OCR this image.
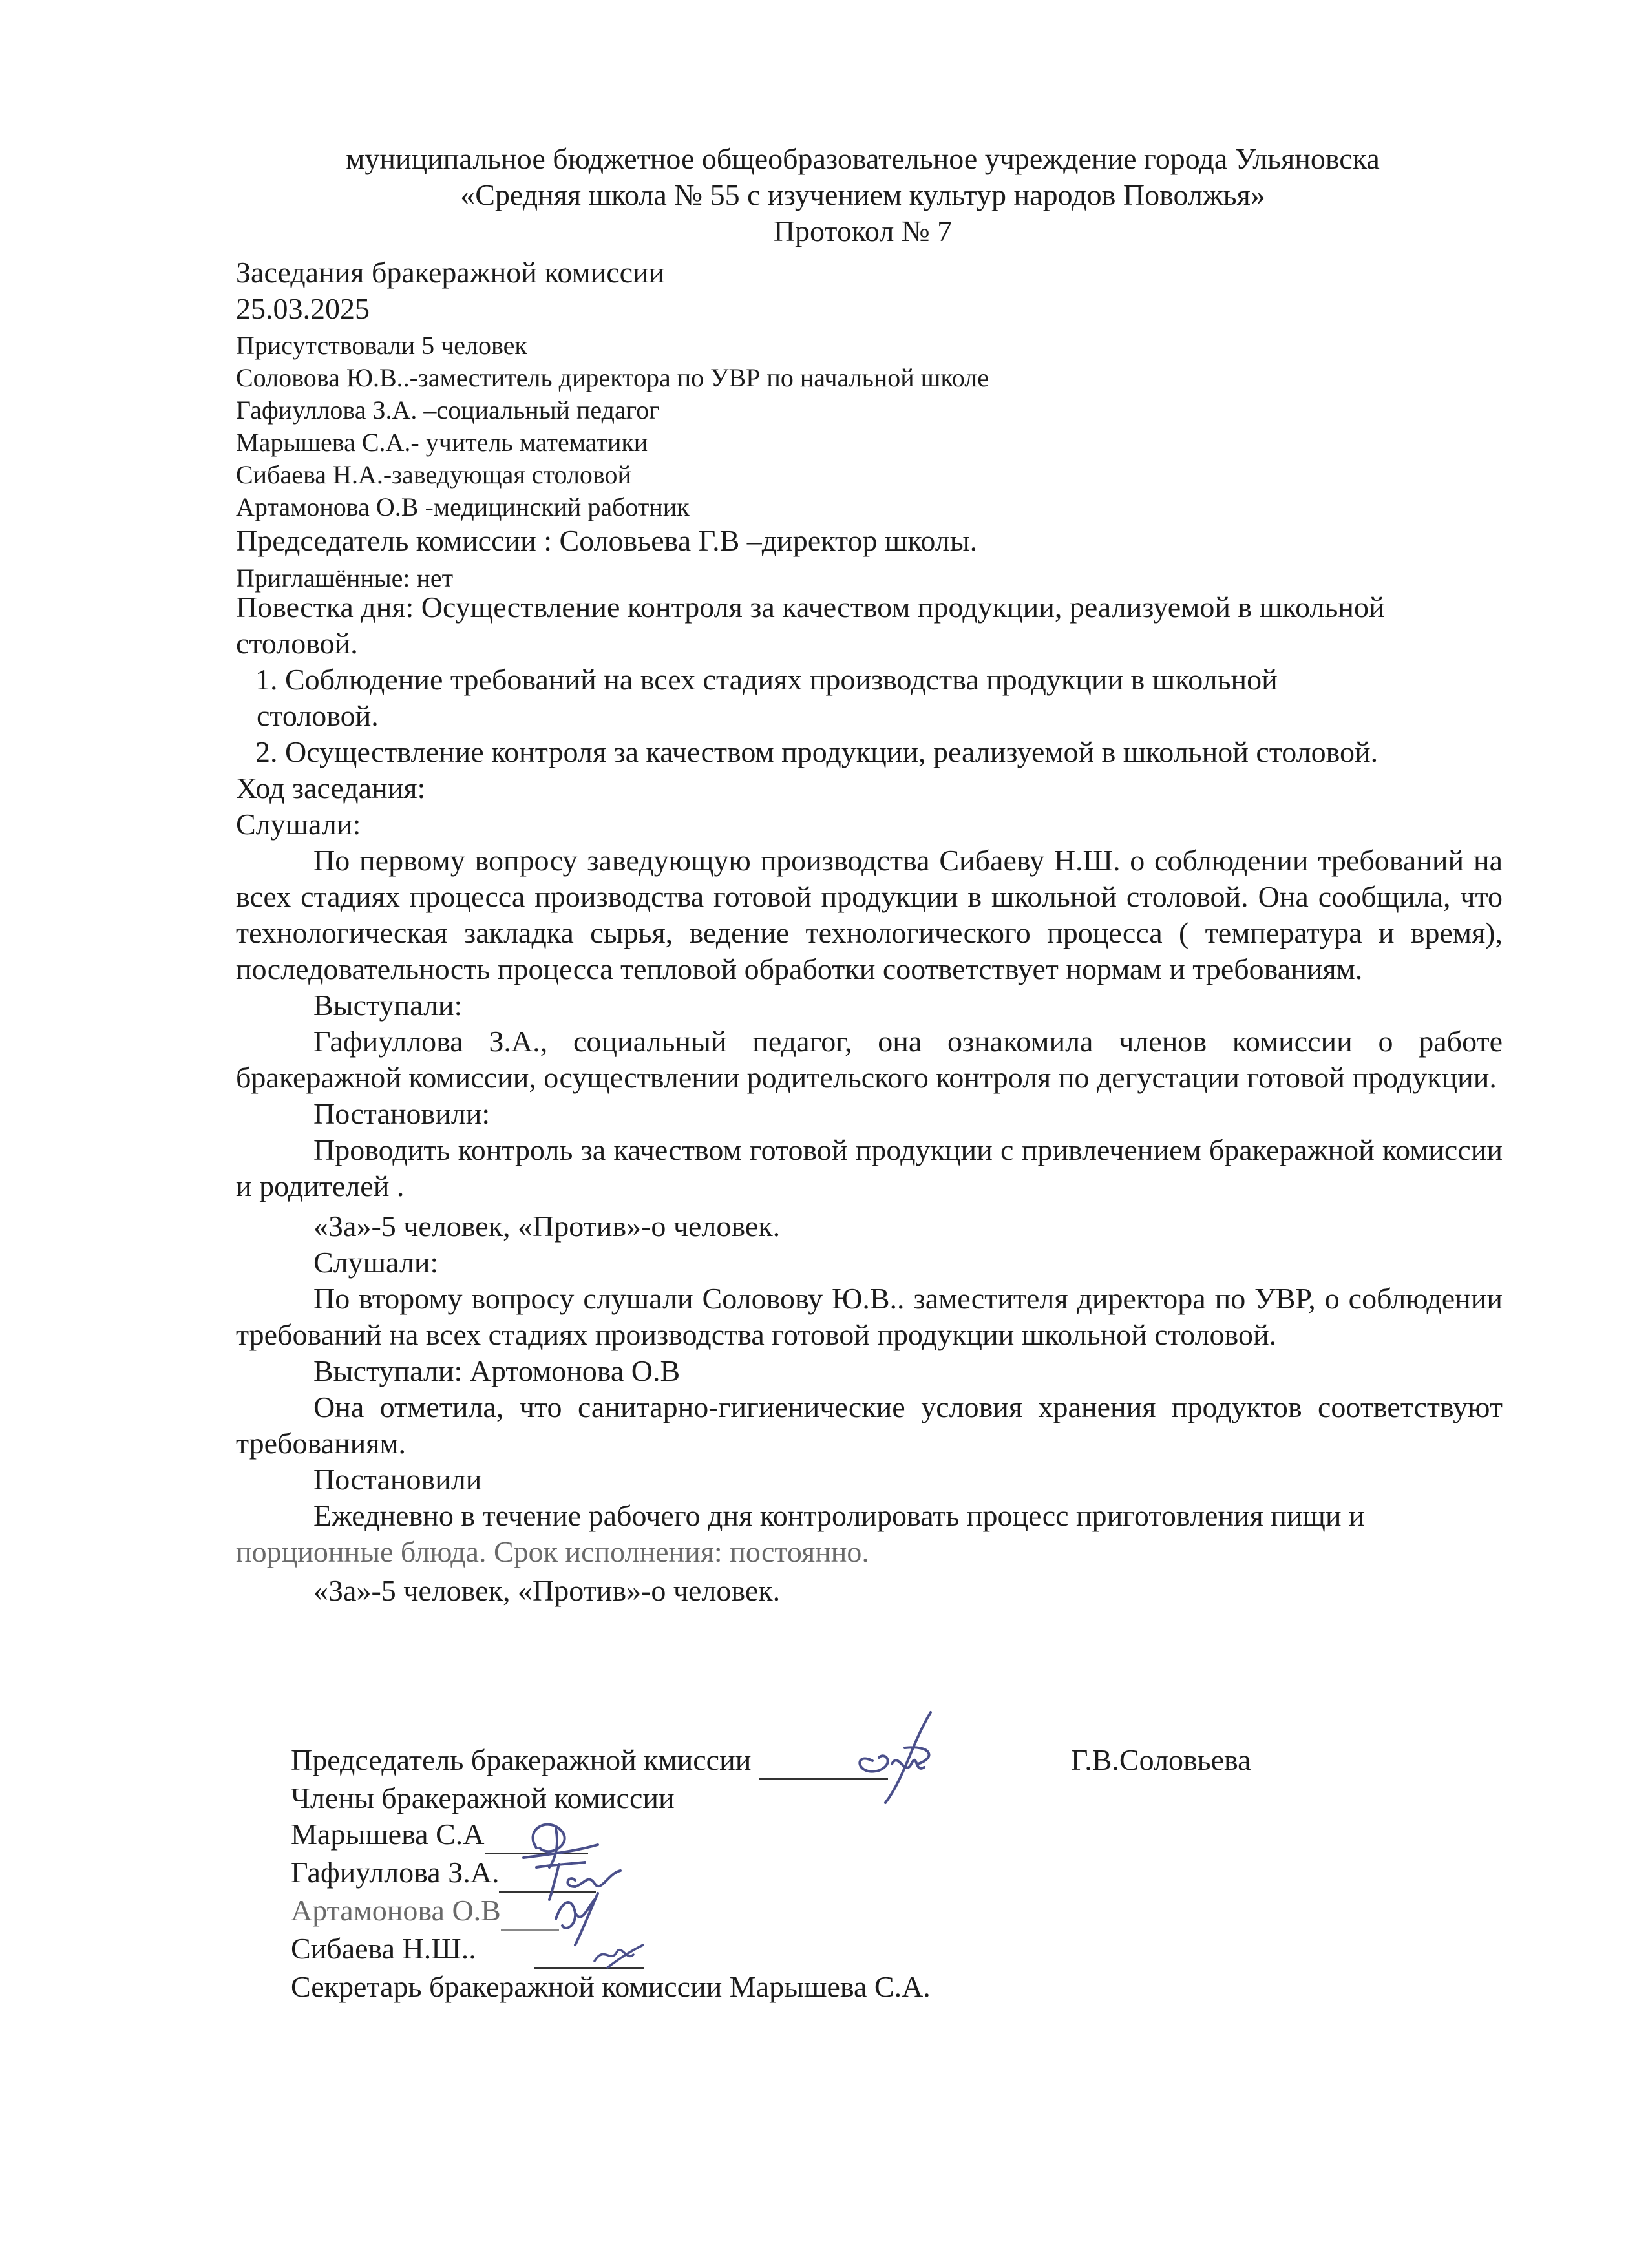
муниципальное бюджетное общеобразовательное учреждение города Ульяновска
«Средняя школа № 55 с изучением культур народов Поволжья»
Протокол № 7
Заседания бракеражной комиссии
25.03.2025
Присутствовали 5 человек
Соловова Ю.В..-заместитель директора по УВР по начальной школе
Гафиуллова З.А. –социальный педагог
Марышева С.А.- учитель математики
Сибаева Н.А.-заведующая столовой
Артамонова О.В -медицинский работник
Председатель комиссии : Соловьева Г.В –директор школы.
Приглашённые: нет
Повестка дня: Осуществление контроля за качеством продукции, реализуемой в школьной
столовой.
1. Соблюдение требований на всех стадиях производства продукции в школьной
столовой.
2. Осуществление контроля за качеством продукции, реализуемой в школьной столовой.
Ход заседания:
Слушали:
По первому вопросу заведующую производства Сибаеву Н.Ш. о соблюдении требований на всех стадиях процесса производства готовой продукции в школьной столовой. Она сообщила, что технологическая закладка сырья, ведение технологического процесса ( температура и время), последовательность процесса тепловой обработки соответствует нормам и требованиям.
Выступали:
Гафиуллова З.А., социальный педагог, она ознакомила членов комиссии о работе бракеражной комиссии, осуществлении родительского контроля по дегустации готовой продукции.
Постановили:
Проводить контроль за качеством готовой продукции с привлечением бракеражной комиссии и родителей .
«За»-5 человек, «Против»-о человек.
Слушали:
По второму вопросу слушали Соловову Ю.В.. заместителя директора по УВР, о соблюдении требований на всех стадиях производства готовой продукции школьной столовой.
Выступали: Артомонова О.В
Она отметила, что санитарно-гигиенические условия хранения продуктов соответствуют требованиям.
Постановили
Ежедневно в течение рабочего дня контролировать процесс приготовления пищи и
порционные блюда. Срок исполнения: постоянно.
«За»-5 человек, «Против»-о человек.
Председатель бракеражной кмиссии	Г.В.Соловьева
Члены бракеражной комиссии
Марышева С.А
Гафиуллова З.А.
Артамонова О.В
Сибаева Н.Ш..
Секретарь бракеражной комиссии Марышева С.А.
